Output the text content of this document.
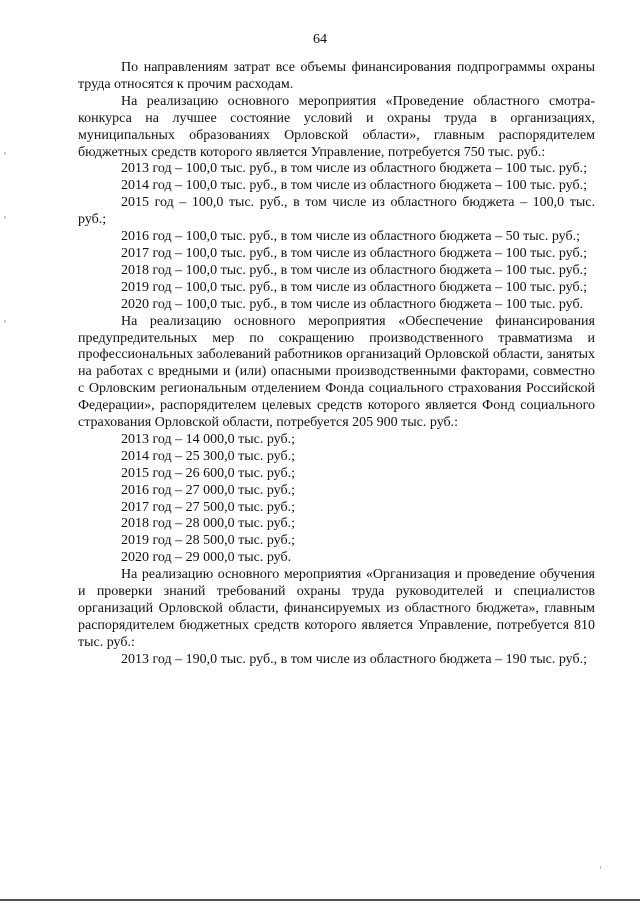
64

По направлениям затрат все объемы финансирования подпрограммы охраны труда относятся к прочим расходам.

На реализацию основного мероприятия «Проведение областного смотра-конкурса на лучшее состояние условий и охраны труда в организациях, муниципальных образованиях Орловской области», главным распорядителем бюджетных средств которого является Управление, потребуется 750 тыс. руб.:

2013 год – 100,0 тыс. руб., в том числе из областного бюджета – 100 тыс. руб.;

2014 год – 100,0 тыс. руб., в том числе из областного бюджета – 100 тыс. руб.;

2015 год – 100,0 тыс. руб., в том числе из областного бюджета – 100,0 тыс. руб.;

2016 год – 100,0 тыс. руб., в том числе из областного бюджета – 50 тыс. руб.;

2017 год – 100,0 тыс. руб., в том числе из областного бюджета – 100 тыс. руб.;

2018 год – 100,0 тыс. руб., в том числе из областного бюджета – 100 тыс. руб.;

2019 год – 100,0 тыс. руб., в том числе из областного бюджета – 100 тыс. руб.;

2020 год – 100,0 тыс. руб., в том числе из областного бюджета – 100 тыс. руб.

На реализацию основного мероприятия «Обеспечение финансирования предупредительных мер по сокращению производственного травматизма и профессиональных заболеваний работников организаций Орловской области, занятых на работах с вредными и (или) опасными производственными факторами, совместно с Орловским региональным отделением Фонда социального страхования Российской Федерации», распорядителем целевых средств которого является Фонд социального страхования Орловской области, потребуется 205 900 тыс. руб.:

2013 год – 14 000,0 тыс. руб.;
2014 год – 25 300,0 тыс. руб.;
2015 год – 26 600,0 тыс. руб.;
2016 год – 27 000,0 тыс. руб.;
2017 год – 27 500,0 тыс. руб.;
2018 год – 28 000,0 тыс. руб.;
2019 год – 28 500,0 тыс. руб.;
2020 год – 29 000,0 тыс. руб.

На реализацию основного мероприятия «Организация и проведение обучения и проверки знаний требований охраны труда руководителей и специалистов организаций Орловской области, финансируемых из областного бюджета», главным распорядителем бюджетных средств которого является Управление, потребуется 810 тыс. руб.:

2013 год – 190,0 тыс. руб., в том числе из областного бюджета – 190 тыс. руб.;
